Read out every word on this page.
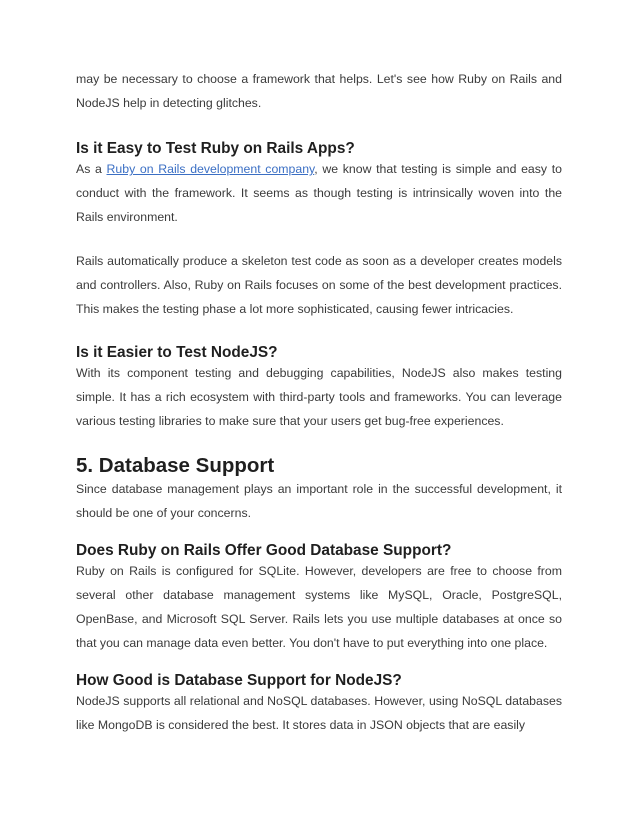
may be necessary to choose a framework that helps. Let's see how Ruby on Rails and NodeJS help in detecting glitches.

Is it Easy to Test Ruby on Rails Apps?

As a Ruby on Rails development company, we know that testing is simple and easy to conduct with the framework. It seems as though testing is intrinsically woven into the Rails environment.

Rails automatically produce a skeleton test code as soon as a developer creates models and controllers. Also, Ruby on Rails focuses on some of the best development practices. This makes the testing phase a lot more sophisticated, causing fewer intricacies.

Is it Easier to Test NodeJS?

With its component testing and debugging capabilities, NodeJS also makes testing simple. It has a rich ecosystem with third-party tools and frameworks. You can leverage various testing libraries to make sure that your users get bug-free experiences.

5. Database Support

Since database management plays an important role in the successful development, it should be one of your concerns.

Does Ruby on Rails Offer Good Database Support?

Ruby on Rails is configured for SQLite. However, developers are free to choose from several other database management systems like MySQL, Oracle, PostgreSQL, OpenBase, and Microsoft SQL Server. Rails lets you use multiple databases at once so that you can manage data even better. You don't have to put everything into one place.

How Good is Database Support for NodeJS?

NodeJS supports all relational and NoSQL databases. However, using NoSQL databases like MongoDB is considered the best. It stores data in JSON objects that are easily
